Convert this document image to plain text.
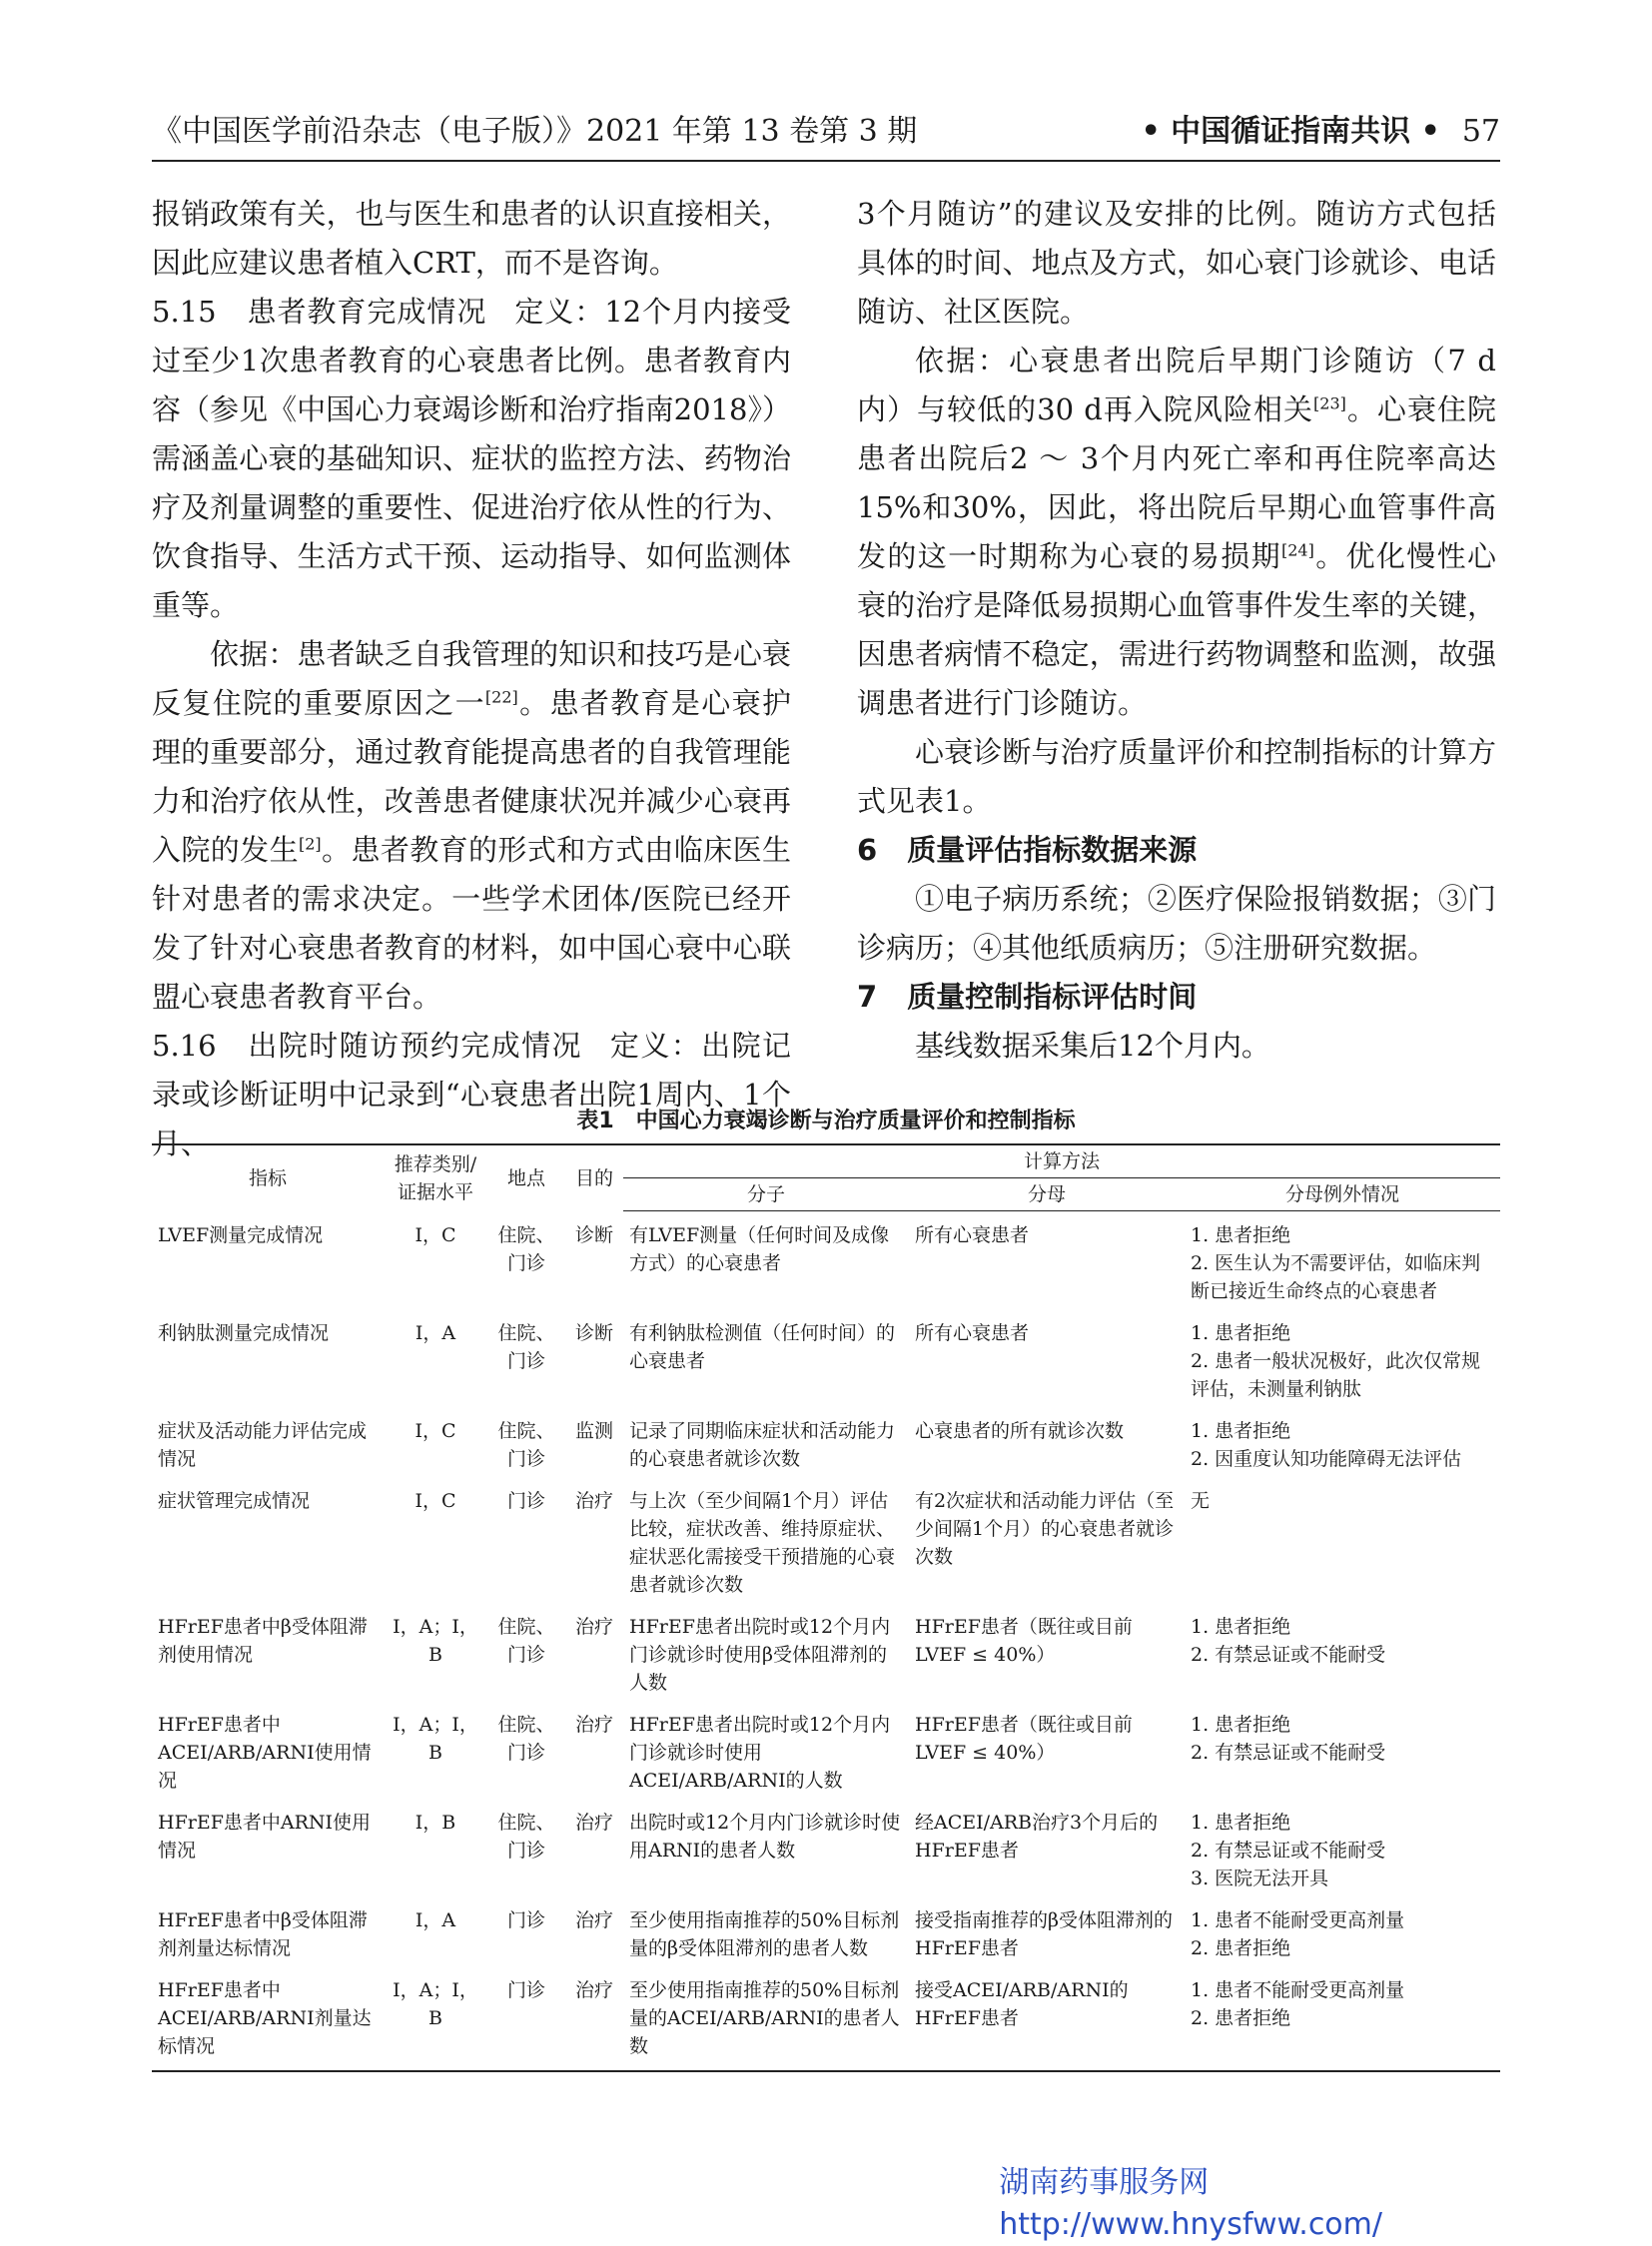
《中国医学前沿杂志（电子版）》2021 年第 13 卷第 3 期	• 中国循证指南共识 • 57

报销政策有关，也与医生和患者的认识直接相关，因此应建议患者植入CRT，而不是咨询。

5.15　患者教育完成情况 定义：12个月内接受过至少1次患者教育的心衰患者比例。患者教育内容（参见《中国心力衰竭诊断和治疗指南2018》）需涵盖心衰的基础知识、症状的监控方法、药物治疗及剂量调整的重要性、促进治疗依从性的行为、饮食指导、生活方式干预、运动指导、如何监测体重等。

依据：患者缺乏自我管理的知识和技巧是心衰反复住院的重要原因之一[22]。患者教育是心衰护理的重要部分，通过教育能提高患者的自我管理能力和治疗依从性，改善患者健康状况并减少心衰再入院的发生[2]。患者教育的形式和方式由临床医生针对患者的需求决定。一些学术团体/医院已经开发了针对心衰患者教育的材料，如中国心衰中心联盟心衰患者教育平台。

5.16　出院时随访预约完成情况 定义：出院记录或诊断证明中记录到“心衰患者出院1周内、1个月、

3个月随访”的建议及安排的比例。随访方式包括具体的时间、地点及方式，如心衰门诊就诊、电话随访、社区医院。

依据：心衰患者出院后早期门诊随访（7 d内）与较低的30 d再入院风险相关[23]。心衰住院患者出院后2 ～ 3个月内死亡率和再住院率高达15%和30%，因此，将出院后早期心血管事件高发的这一时期称为心衰的易损期[24]。优化慢性心衰的治疗是降低易损期心血管事件发生率的关键，因患者病情不稳定，需进行药物调整和监测，故强调患者进行门诊随访。

心衰诊断与治疗质量评价和控制指标的计算方式见表1。

6 质量评估指标数据来源

①电子病历系统；②医疗保险报销数据；③门诊病历；④其他纸质病历；⑤注册研究数据。

7 质量控制指标评估时间

基线数据采集后12个月内。

表1 中国心力衰竭诊断与治疗质量评价和控制指标
指标	推荐类别/证据水平	地点	目的	计算方法		
				分子	分母	分母例外情况
LVEF测量完成情况	Ⅰ，C	住院、门诊	诊断	有LVEF测量（任何时间及成像方式）的心衰患者	所有心衰患者	1. 患者拒绝
2. 医生认为不需要评估，如临床判断已接近生命终点的心衰患者

利钠肽测量完成情况	Ⅰ，A	住院、门诊	诊断	有利钠肽检测值（任何时间）的心衰患者	所有心衰患者	1. 患者拒绝
2. 患者一般状况极好，此次仅常规评估，未测量利钠肽

症状及活动能力评估完成情况	Ⅰ，C	住院、门诊	监测	记录了同期临床症状和活动能力的心衰患者就诊次数	心衰患者的所有就诊次数	1. 患者拒绝
2. 因重度认知功能障碍无法评估

症状管理完成情况	Ⅰ，C	门诊	治疗	与上次（至少间隔1个月）评估比较，症状改善、维持原症状、症状恶化需接受干预措施的心衰患者就诊次数	有2次症状和活动能力评估（至少间隔1个月）的心衰患者就诊次数	无

HFrEF患者中β受体阻滞剂使用情况	Ⅰ，A；Ⅰ，B	住院、门诊	治疗	HFrEF患者出院时或12个月内门诊就诊时使用β受体阻滞剂的人数	HFrEF患者（既往或目前LVEF ≤ 40%）	1. 患者拒绝
2. 有禁忌证或不能耐受

HFrEF患者中ACEI/ARB/ARNI使用情况	Ⅰ，A；Ⅰ，B	住院、门诊	治疗	HFrEF患者出院时或12个月内门诊就诊时使用ACEI/ARB/ARNI的人数	HFrEF患者（既往或目前LVEF ≤ 40%）	1. 患者拒绝
2. 有禁忌证或不能耐受

HFrEF患者中ARNI使用情况	Ⅰ，B	住院、门诊	治疗	出院时或12个月内门诊就诊时使用ARNI的患者人数	经ACEI/ARB治疗3个月后的HFrEF患者	1. 患者拒绝
2. 有禁忌证或不能耐受
3. 医院无法开具

HFrEF患者中β受体阻滞剂剂量达标情况	Ⅰ，A	门诊	治疗	至少使用指南推荐的50%目标剂量的β受体阻滞剂的患者人数	接受指南推荐的β受体阻滞剂的HFrEF患者	1. 患者不能耐受更高剂量
2. 患者拒绝

HFrEF患者中ACEI/ARB/ARNI剂量达标情况	Ⅰ，A；Ⅰ，B	门诊	治疗	至少使用指南推荐的50%目标剂量的ACEI/ARB/ARNI的患者人数	接受ACEI/ARB/ARNI的HFrEF患者	1. 患者不能耐受更高剂量
2. 患者拒绝
湖南药事服务网
http://www.hnysfww.com/
